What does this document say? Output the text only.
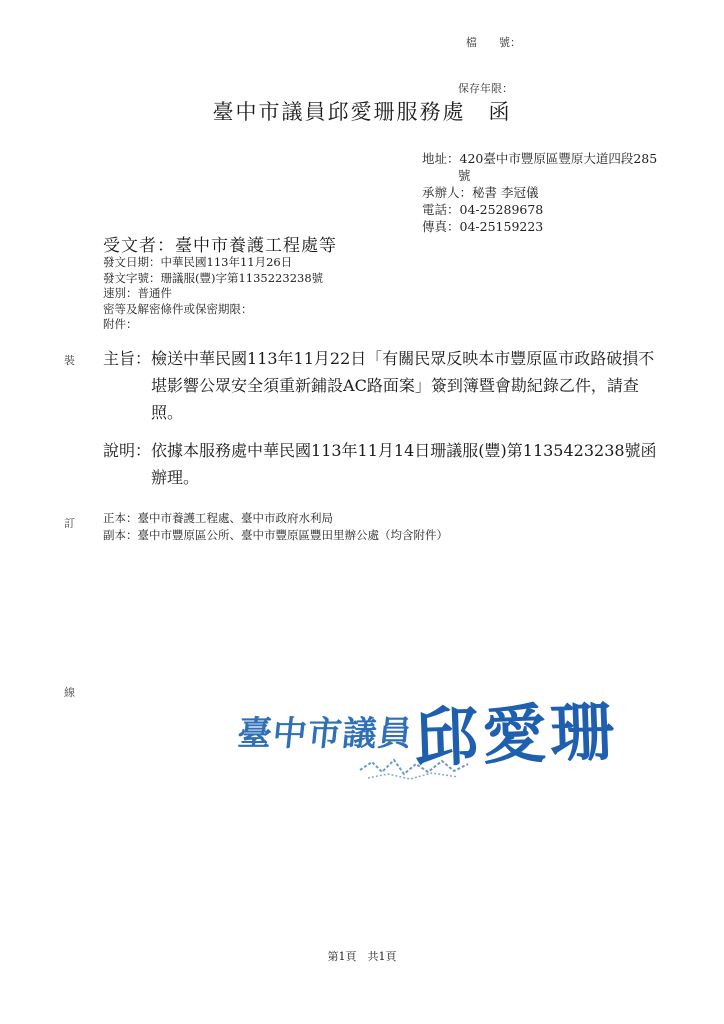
檔　　號：
保存年限：
臺中市議員邱愛珊服務處　函
地址：420臺中市豐原區豐原大道四段285
號
承辦人：秘書 李冠儀
電話：04-25289678
傳真：04-25159223
受文者：臺中市養護工程處等
發文日期：中華民國113年11月26日
發文字號：珊議服(豐)字第1135223238號
速別：普通件
密等及解密條件或保密期限：
附件：
裝
訂
線
主旨： 檢送中華民國113年11月22日「有關民眾反映本市豐原區市政路破損不堪影響公眾安全須重新鋪設AC路面案」簽到簿暨會勘紀錄乙件，請查照。
說明： 依據本服務處中華民國113年11月14日珊議服(豐)第1135423238號函辦理。
正本：臺中市養護工程處、臺中市政府水利局
副本：臺中市豐原區公所、臺中市豐原區豐田里辦公處（均含附件）
臺中市議員
邱愛珊
第1頁　共1頁
